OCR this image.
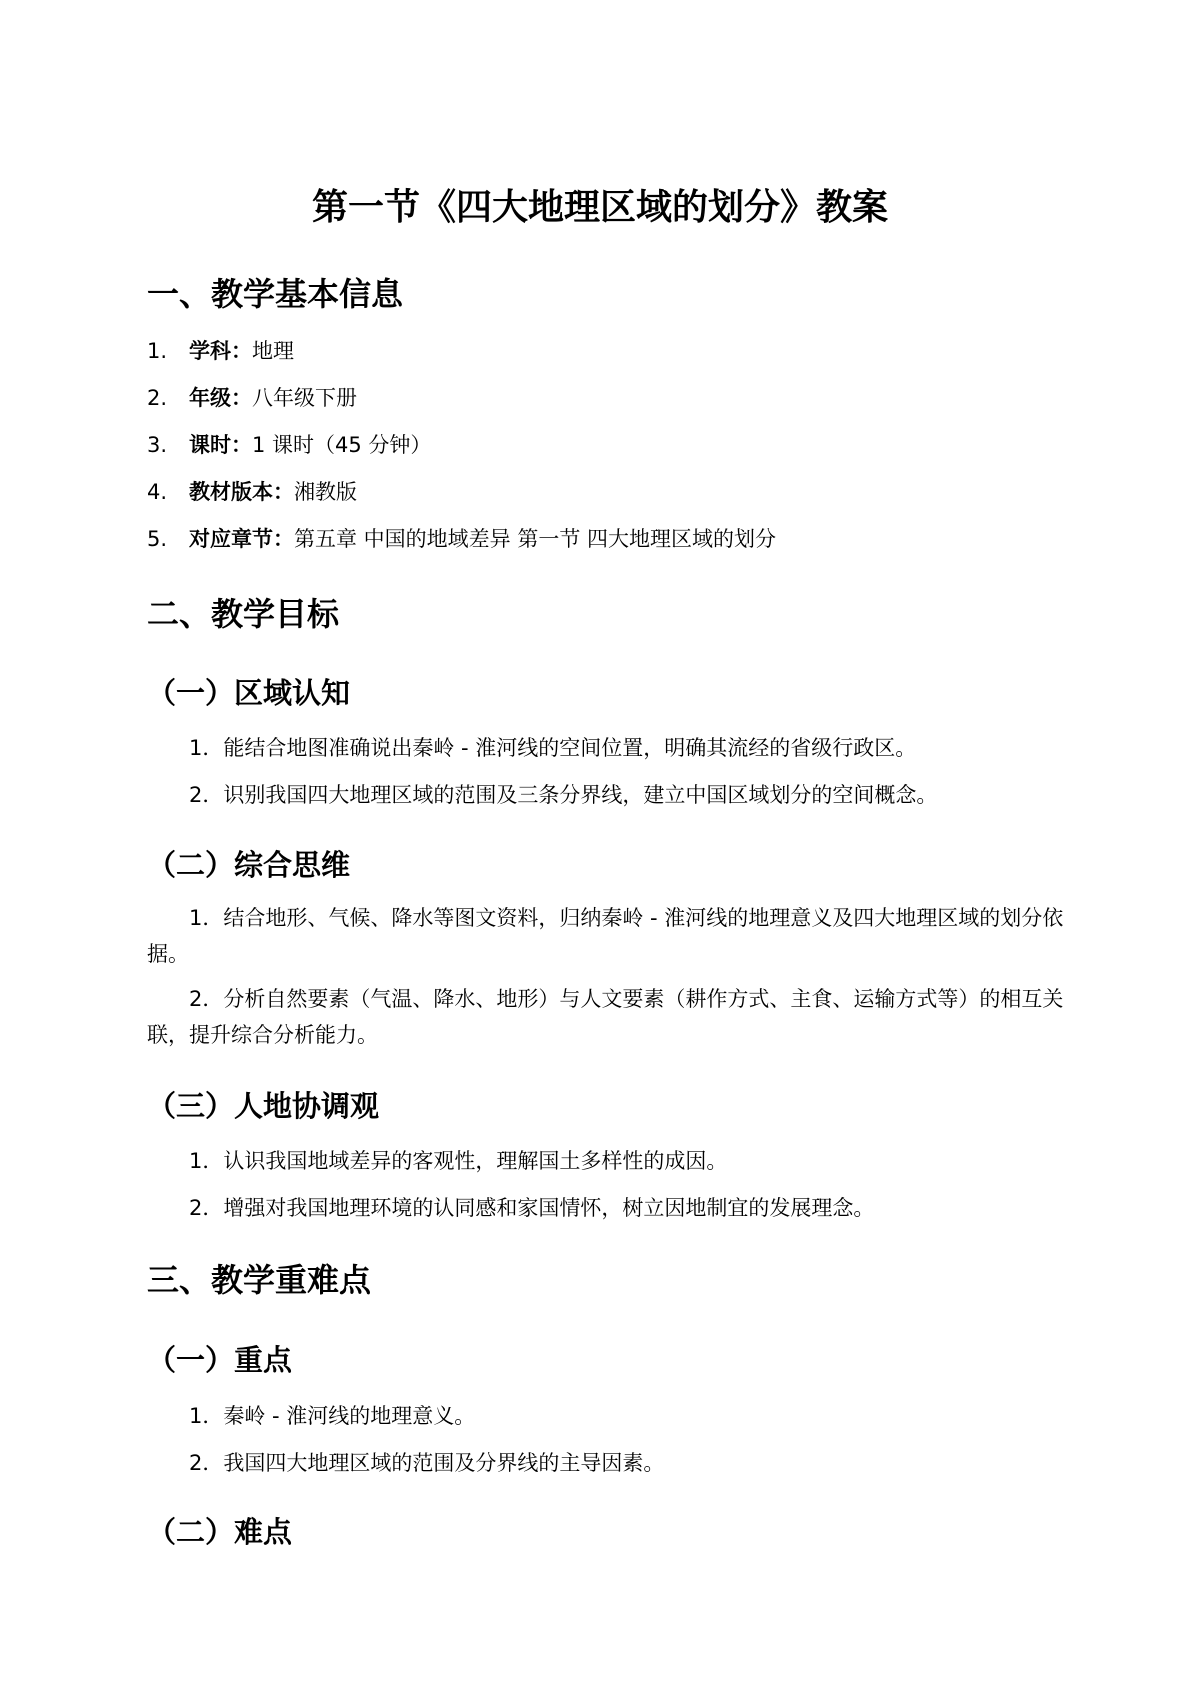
第一节《四大地理区域的划分》教案
一、教学基本信息
1. 学科：地理
2. 年级：八年级下册
3. 课时：1 课时（45 分钟）
4. 教材版本：湘教版
5. 对应章节：第五章 中国的地域差异 第一节 四大地理区域的划分
二、教学目标
（一）区域认知
1．能结合地图准确说出秦岭 - 淮河线的空间位置，明确其流经的省级行政区。
2．识别我国四大地理区域的范围及三条分界线，建立中国区域划分的空间概念。
（二）综合思维
1．结合地形、气候、降水等图文资料，归纳秦岭 - 淮河线的地理意义及四大地理区域的划分依据。
2．分析自然要素（气温、降水、地形）与人文要素（耕作方式、主食、运输方式等）的相互关联，提升综合分析能力。
（三）人地协调观
1．认识我国地域差异的客观性，理解国土多样性的成因。
2．增强对我国地理环境的认同感和家国情怀，树立因地制宜的发展理念。
三、教学重难点
（一）重点
1．秦岭 - 淮河线的地理意义。
2．我国四大地理区域的范围及分界线的主导因素。
（二）难点
